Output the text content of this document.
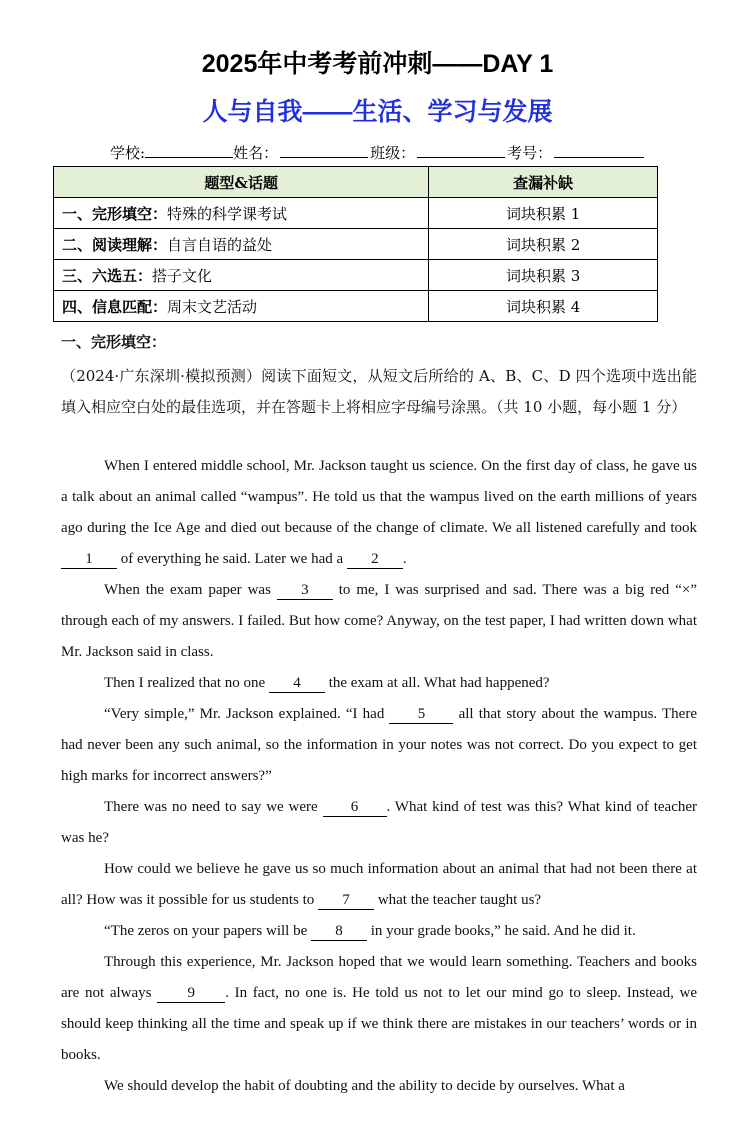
2025年中考考前冲刺——DAY 1
人与自我——生活、学习与发展
学校:	姓名：	班级：	考号：
题型&话题	查漏补缺
一、完形填空：特殊的科学课考试	词块积累 1
二、阅读理解：自言自语的益处	词块积累 2
三、六选五：搭子文化	词块积累 3
四、信息匹配：周末文艺活动	词块积累 4
一、完形填空：
（2024·广东深圳·模拟预测）阅读下面短文，从短文后所给的 A、B、C、D 四个选项中选出能填入相应空白处的最佳选项，并在答题卡上将相应字母编号涂黑。（共 10 小题，每小题 1 分）

When I entered middle school, Mr. Jackson taught us science. On the first day of class, he gave us a talk about an animal called “wampus”. He told us that the wampus lived on the earth millions of years ago during the Ice Age and died out because of the change of climate. We all listened carefully and took 1 of everything he said. Later we had a 2 .

When the exam paper was 3 to me, I was surprised and sad. There was a big red “×” through each of my answers. I failed. But how come? Anyway, on the test paper, I had written down what Mr. Jackson said in class.

Then I realized that no one 4 the exam at all. What had happened?

“Very simple,” Mr. Jackson explained. “I had 5 all that story about the wampus. There had never been any such animal, so the information in your notes was not correct. Do you expect to get high marks for incorrect answers?”

There was no need to say we were 6 . What kind of test was this? What kind of teacher was he?

How could we believe he gave us so much information about an animal that had not been there at all? How was it possible for us students to 7 what the teacher taught us?

“The zeros on your papers will be 8 in your grade books,” he said. And he did it.

Through this experience, Mr. Jackson hoped that we would learn something. Teachers and books are not always 9 . In fact, no one is. He told us not to let our mind go to sleep. Instead, we should keep thinking all the time and speak up if we think there are mistakes in our teachers’ words or in books.

We should develop the habit of doubting and the ability to decide by ourselves. What a
